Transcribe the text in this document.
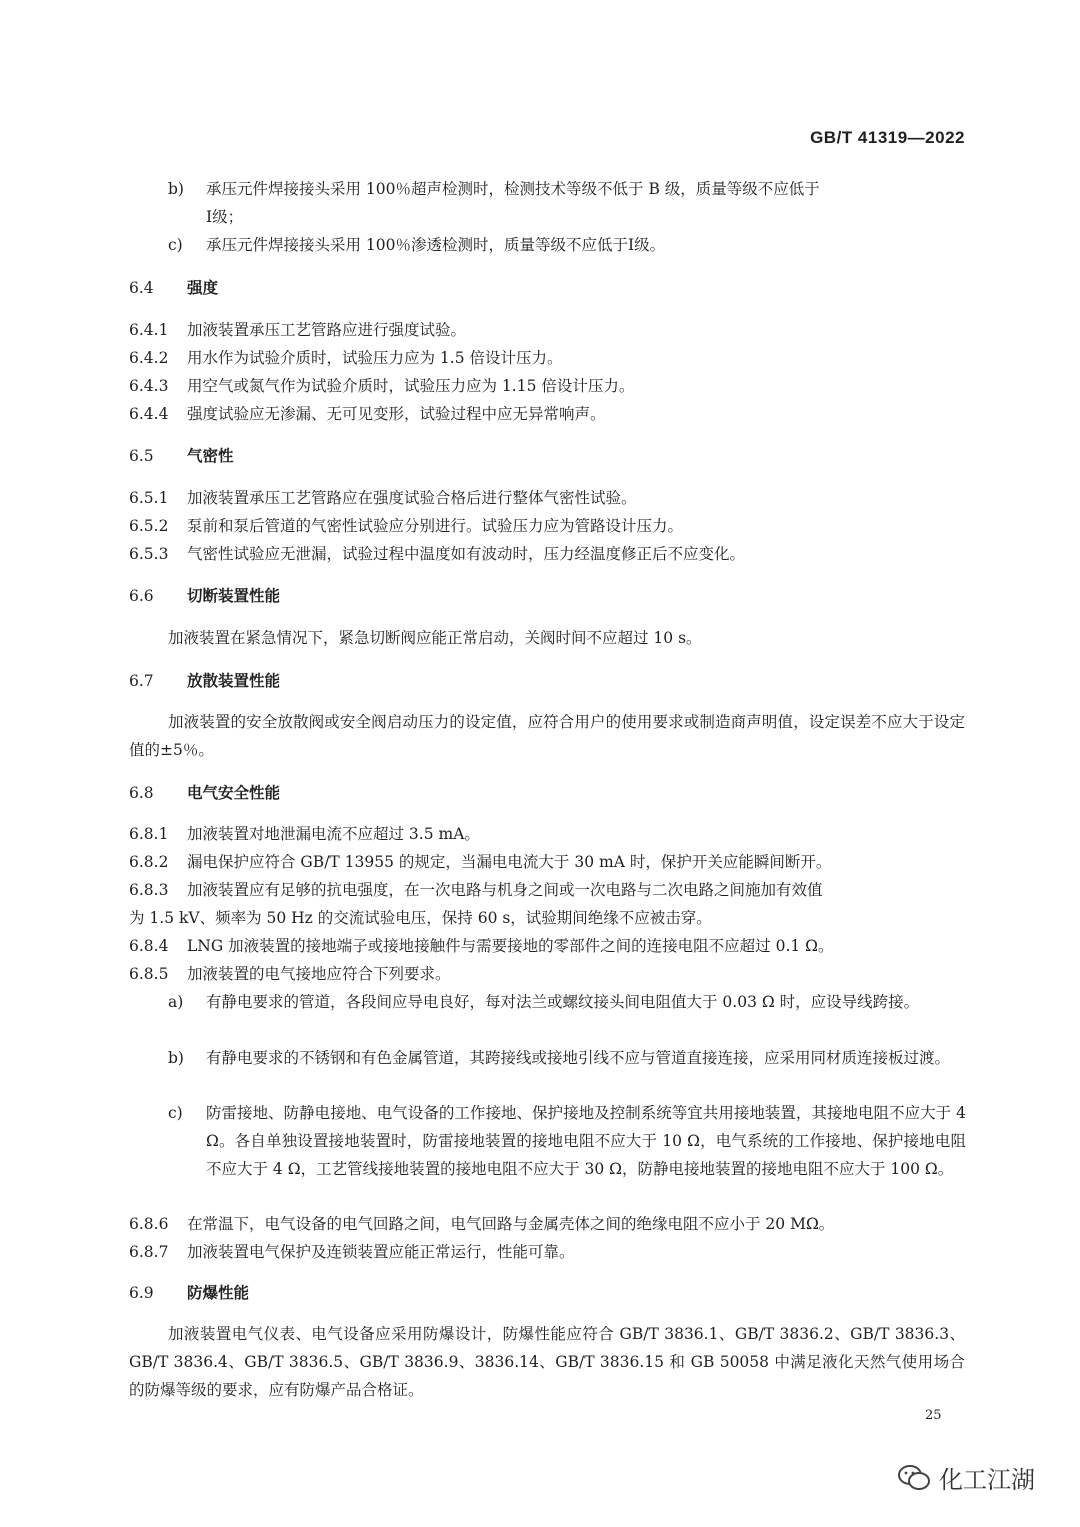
GB/T 41319—2022
b) 承压元件焊接接头采用 100％超声检测时，检测技术等级不低于 B 级，质量等级不应低于
Ⅰ级；
c) 承压元件焊接接头采用 100％渗透检测时，质量等级不应低于Ⅰ级。
6.4 强度
6.4.1 加液装置承压工艺管路应进行强度试验。
6.4.2 用水作为试验介质时，试验压力应为 1.5 倍设计压力。
6.4.3 用空气或氮气作为试验介质时，试验压力应为 1.15 倍设计压力。
6.4.4 强度试验应无渗漏、无可见变形，试验过程中应无异常响声。
6.5 气密性
6.5.1 加液装置承压工艺管路应在强度试验合格后进行整体气密性试验。
6.5.2 泵前和泵后管道的气密性试验应分别进行。试验压力应为管路设计压力。
6.5.3 气密性试验应无泄漏，试验过程中温度如有波动时，压力经温度修正后不应变化。
6.6 切断装置性能
加液装置在紧急情况下，紧急切断阀应能正常启动，关阀时间不应超过 10 s。
6.7 放散装置性能
加液装置的安全放散阀或安全阀启动压力的设定值，应符合用户的使用要求或制造商声明值，设定误差不应大于设定值的±5％。
6.8 电气安全性能
6.8.1 加液装置对地泄漏电流不应超过 3.5 mA。
6.8.2 漏电保护应符合 GB/T 13955 的规定，当漏电电流大于 30 mA 时，保护开关应能瞬间断开。
6.8.3 加液装置应有足够的抗电强度，在一次电路与机身之间或一次电路与二次电路之间施加有效值
为 1.5 kV、频率为 50 Hz 的交流试验电压，保持 60 s，试验期间绝缘不应被击穿。
6.8.4 LNG 加液装置的接地端子或接地接触件与需要接地的零部件之间的连接电阻不应超过 0.1 Ω。
6.8.5 加液装置的电气接地应符合下列要求。
a) 有静电要求的管道，各段间应导电良好，每对法兰或螺纹接头间电阻值大于 0.03 Ω 时，应设导线跨接。
b) 有静电要求的不锈钢和有色金属管道，其跨接线或接地引线不应与管道直接连接，应采用同材质连接板过渡。
c) 防雷接地、防静电接地、电气设备的工作接地、保护接地及控制系统等宜共用接地装置，其接地电阻不应大于 4 Ω。各自单独设置接地装置时，防雷接地装置的接地电阻不应大于 10 Ω，电气系统的工作接地、保护接地电阻不应大于 4 Ω，工艺管线接地装置的接地电阻不应大于 30 Ω，防静电接地装置的接地电阻不应大于 100 Ω。
6.8.6 在常温下，电气设备的电气回路之间，电气回路与金属壳体之间的绝缘电阻不应小于 20 MΩ。
6.8.7 加液装置电气保护及连锁装置应能正常运行，性能可靠。
6.9 防爆性能
加液装置电气仪表、电气设备应采用防爆设计，防爆性能应符合 GB/T 3836.1、GB/T 3836.2、GB/T 3836.3、GB/T 3836.4、GB/T 3836.5、GB/T 3836.9、3836.14、GB/T 3836.15 和 GB 50058 中满足液化天然气使用场合的防爆等级的要求，应有防爆产品合格证。
25
化工江湖
